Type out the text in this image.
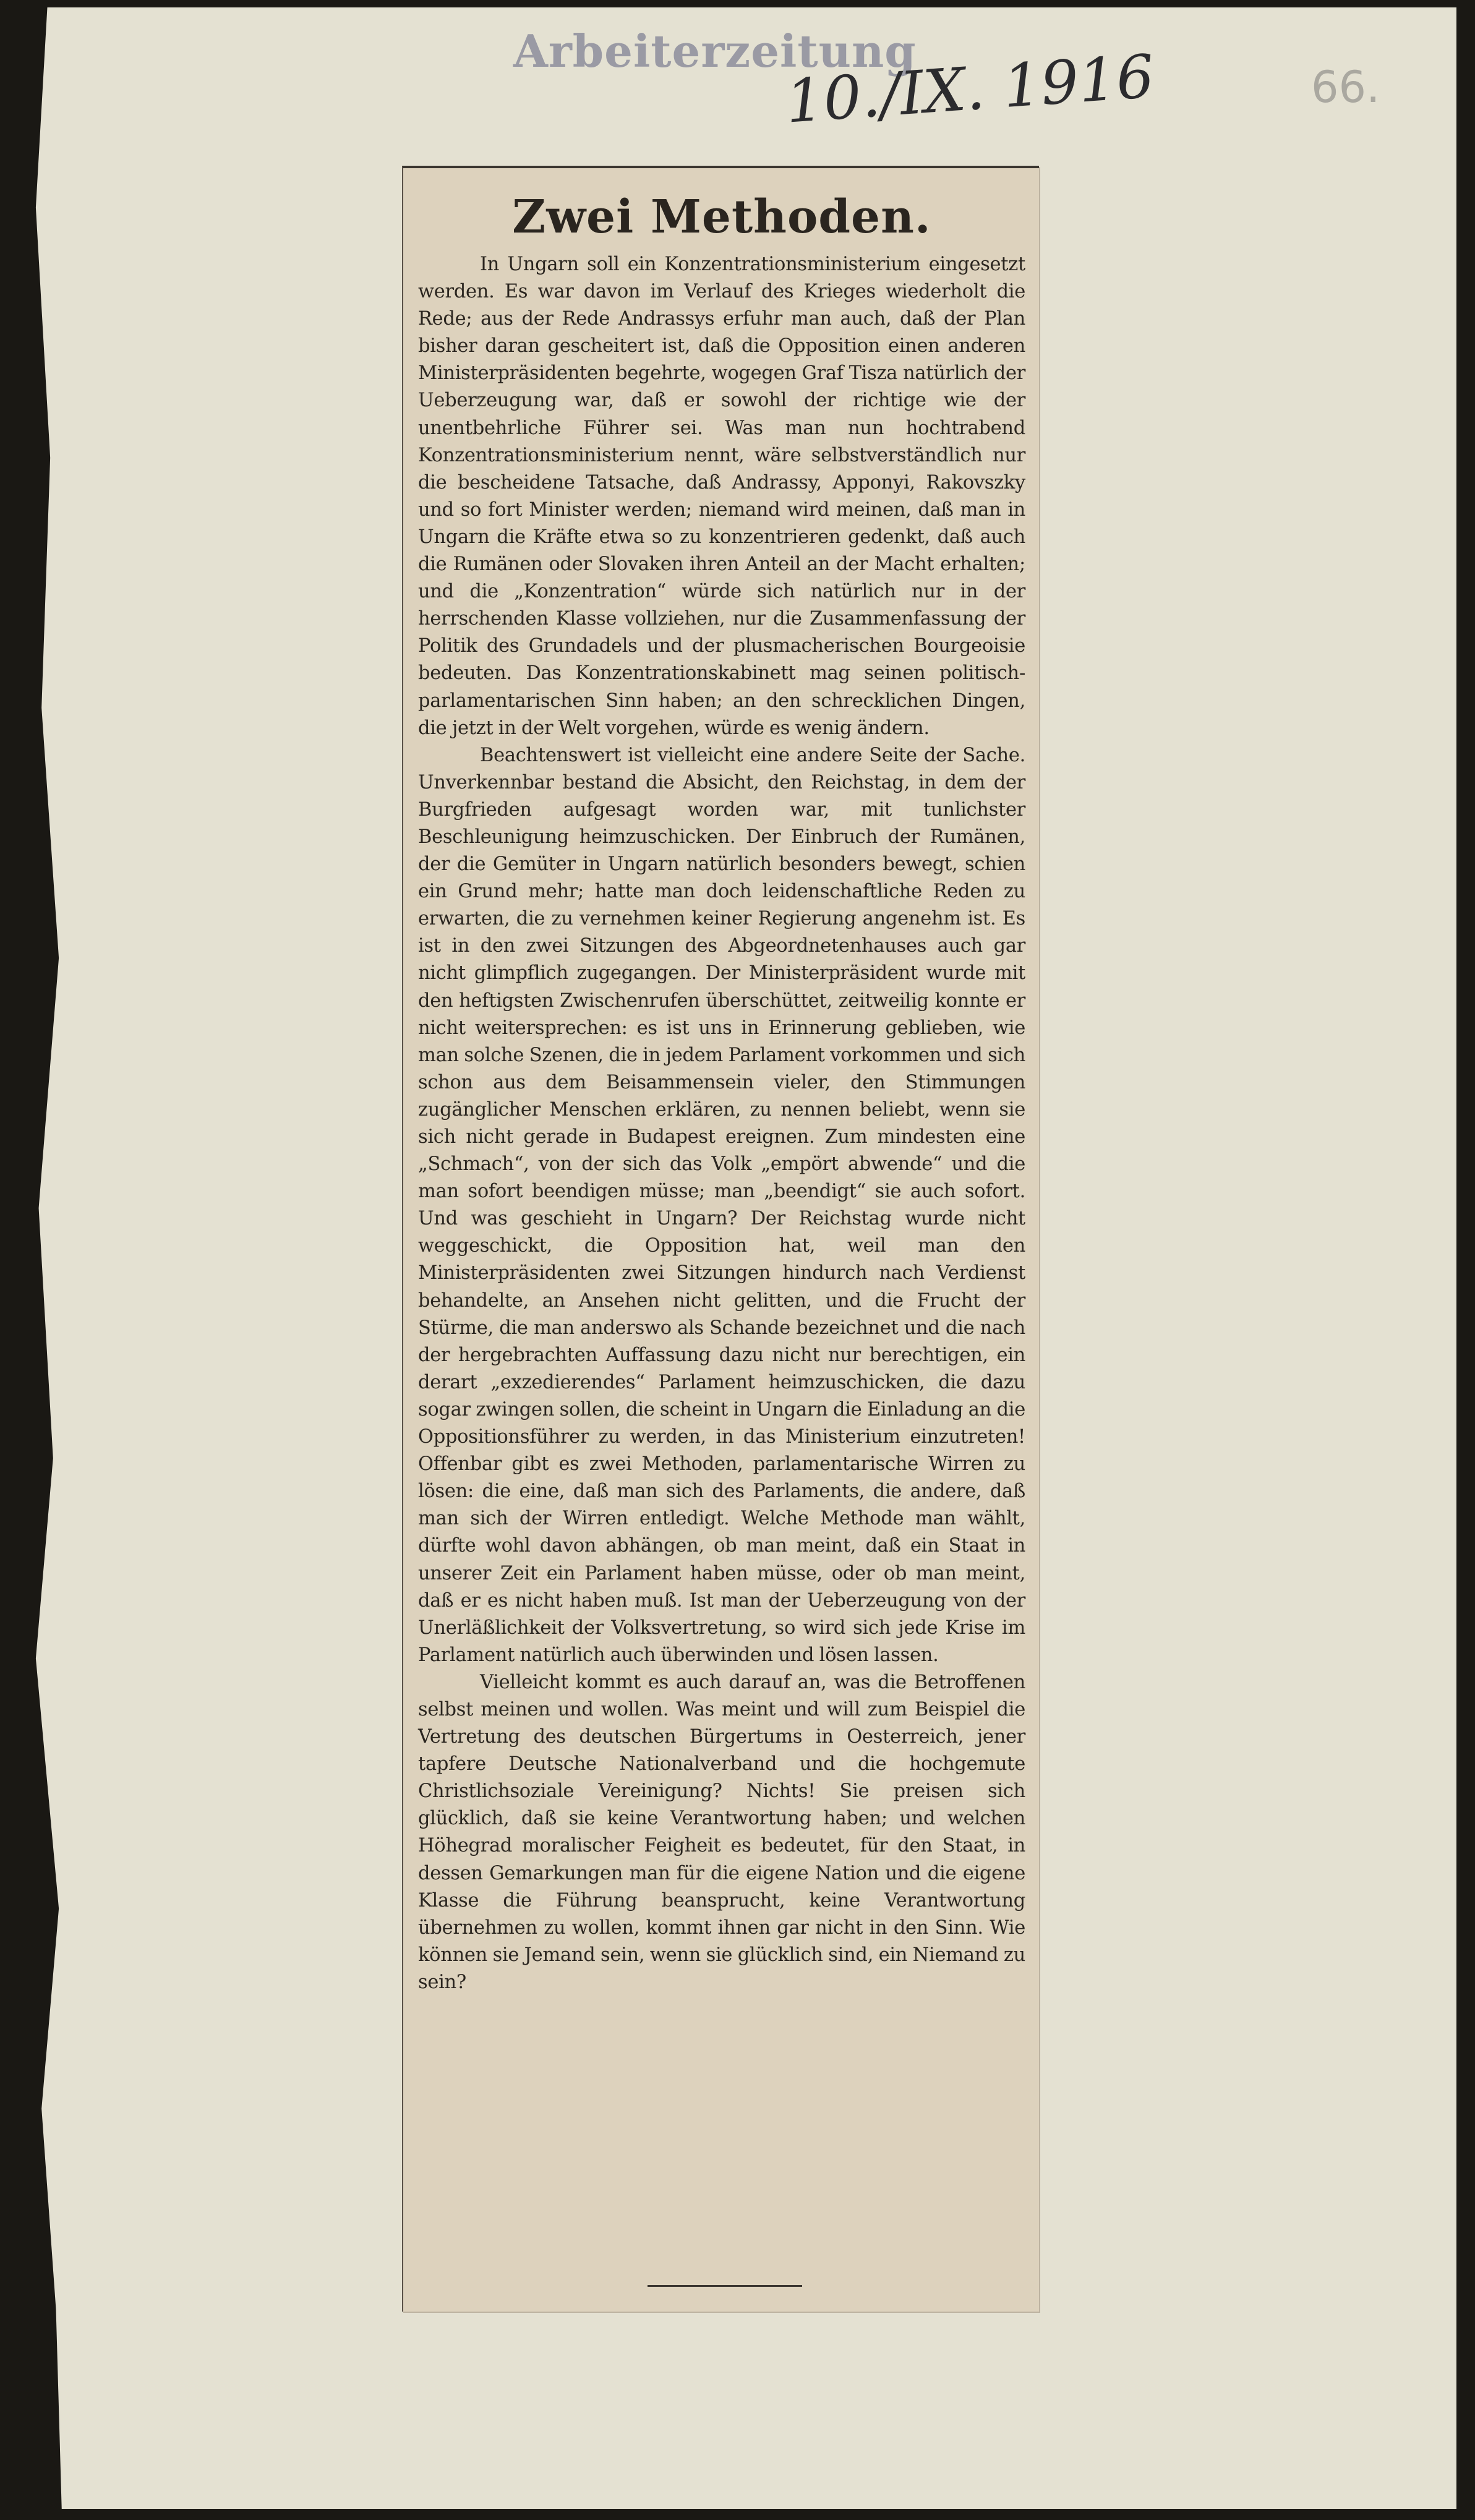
Arbeiterzeitung
10./IX. 1916	66.
Zwei Methoden.

In Ungarn soll ein Konzentrationsministerium eingesetzt werden. Es war davon im Verlauf des Krieges wiederholt die Rede; aus der Rede Andrassys erfuhr man auch, daß der Plan bisher daran gescheitert ist, daß die Opposition einen anderen Ministerpräsidenten begehrte, wogegen Graf Tisza natürlich der Ueberzeugung war, daß er sowohl der richtige wie der unentbehrliche Führer sei. Was man nun hochtrabend Konzentrationsministerium nennt, wäre selbstverständlich nur die bescheidene Tatsache, daß Andrassy, Apponyi, Rakovszky und so fort Minister werden; niemand wird meinen, daß man in Ungarn die Kräfte etwa so zu konzentrieren gedenkt, daß auch die Rumänen oder Slovaken ihren Anteil an der Macht erhalten; und die „Konzentration“ würde sich natürlich nur in der herrschenden Klasse vollziehen, nur die Zusammenfassung der Politik des Grundadels und der plusmacherischen Bourgeoisie bedeuten. Das Konzentrationskabinett mag seinen politisch-parlamentarischen Sinn haben; an den schrecklichen Dingen, die jetzt in der Welt vorgehen, würde es wenig ändern.

Beachtenswert ist vielleicht eine andere Seite der Sache. Unverkennbar bestand die Absicht, den Reichstag, in dem der Burgfrieden aufgesagt worden war, mit tunlichster Beschleunigung heimzuschicken. Der Einbruch der Rumänen, der die Gemüter in Ungarn natürlich besonders bewegt, schien ein Grund mehr; hatte man doch leidenschaftliche Reden zu erwarten, die zu vernehmen keiner Regierung angenehm ist. Es ist in den zwei Sitzungen des Abgeordnetenhauses auch gar nicht glimpflich zugegangen. Der Ministerpräsident wurde mit den heftigsten Zwischenrufen überschüttet, zeitweilig konnte er nicht weitersprechen: es ist uns in Erinnerung geblieben, wie man solche Szenen, die in jedem Parlament vorkommen und sich schon aus dem Beisammensein vieler, den Stimmungen zugänglicher Menschen erklären, zu nennen beliebt, wenn sie sich nicht gerade in Budapest ereignen. Zum mindesten eine „Schmach“, von der sich das Volk „empört abwende“ und die man sofort beendigen müsse; man „beendigt“ sie auch sofort. Und was geschieht in Ungarn? Der Reichstag wurde nicht weggeschickt, die Opposition hat, weil man den Ministerpräsidenten zwei Sitzungen hindurch nach Verdienst behandelte, an Ansehen nicht gelitten, und die Frucht der Stürme, die man anderswo als Schande bezeichnet und die nach der hergebrachten Auffassung dazu nicht nur berechtigen, ein derart „exzedierendes“ Parlament heimzuschicken, die dazu sogar zwingen sollen, die scheint in Ungarn die Einladung an die Oppositionsführer zu werden, in das Ministerium einzutreten! Offenbar gibt es zwei Methoden, parlamentarische Wirren zu lösen: die eine, daß man sich des Parlaments, die andere, daß man sich der Wirren entledigt. Welche Methode man wählt, dürfte wohl davon abhängen, ob man meint, daß ein Staat in unserer Zeit ein Parlament haben müsse, oder ob man meint, daß er es nicht haben muß. Ist man der Ueberzeugung von der Unerläßlichkeit der Volksvertretung, so wird sich jede Krise im Parlament natürlich auch überwinden und lösen lassen.

Vielleicht kommt es auch darauf an, was die Betroffenen selbst meinen und wollen. Was meint und will zum Beispiel die Vertretung des deutschen Bürgertums in Oesterreich, jener tapfere Deutsche Nationalverband und die hochgemute Christlichsoziale Vereinigung? Nichts! Sie preisen sich glücklich, daß sie keine Verantwortung haben; und welchen Höhegrad moralischer Feigheit es bedeutet, für den Staat, in dessen Gemarkungen man für die eigene Nation und die eigene Klasse die Führung beansprucht, keine Verantwortung übernehmen zu wollen, kommt ihnen gar nicht in den Sinn. Wie können sie Jemand sein, wenn sie glücklich sind, ein Niemand zu sein?
